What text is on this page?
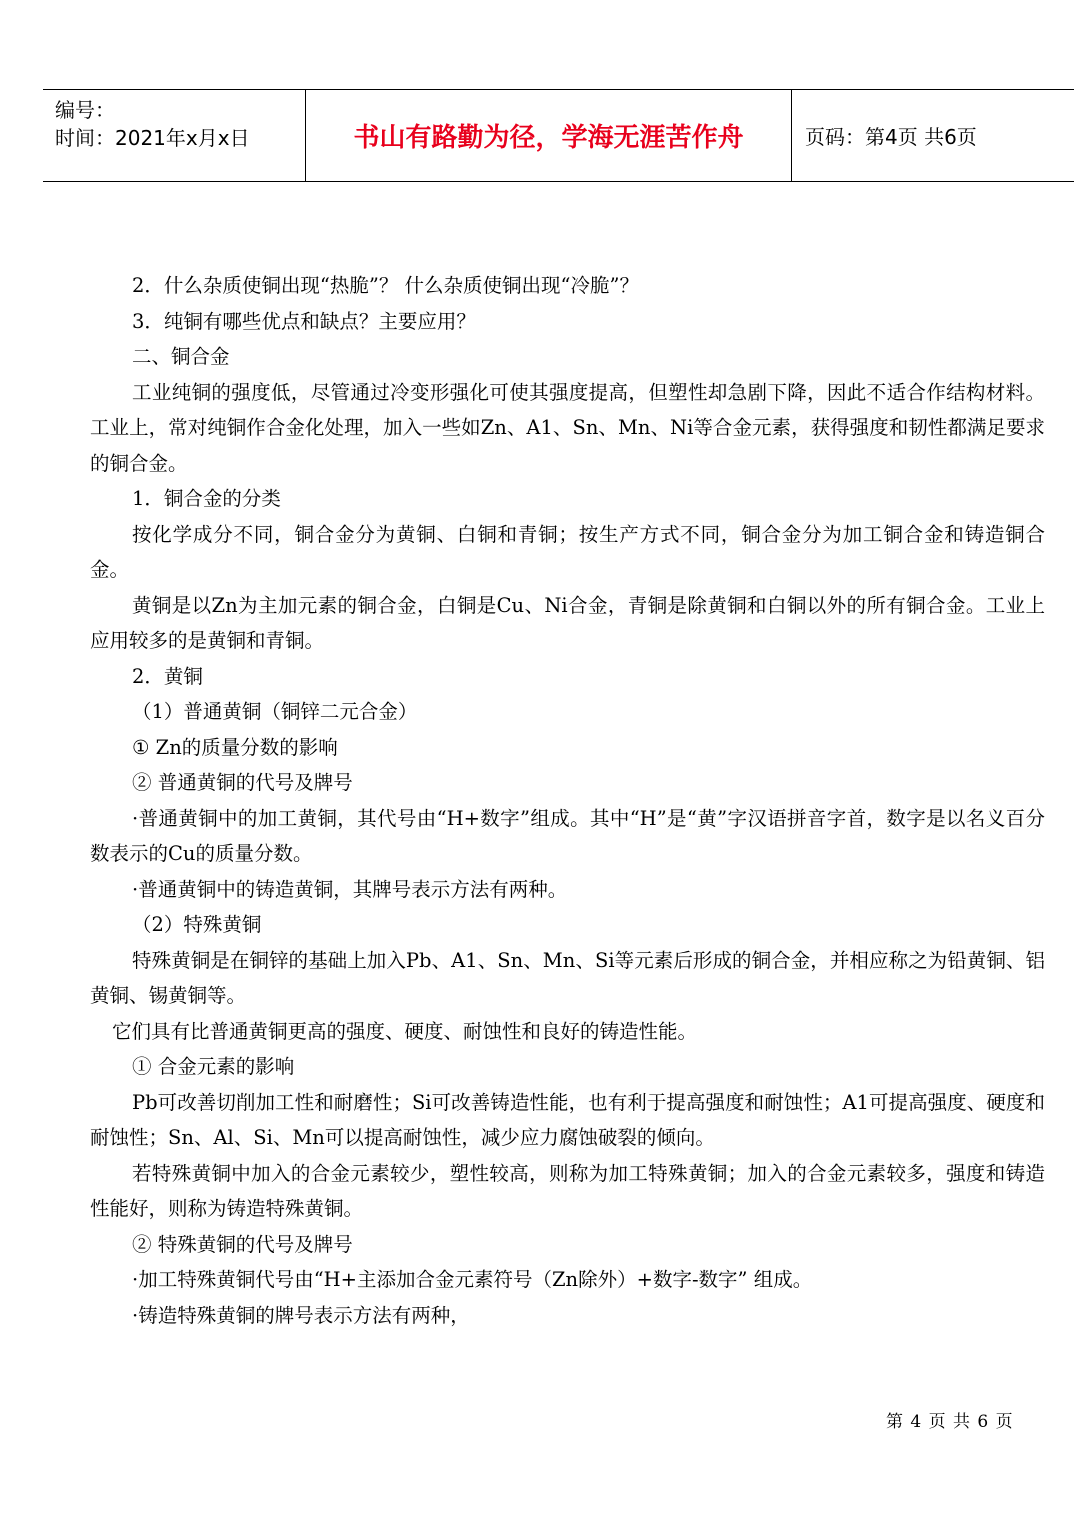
编号：
时间：2021年x月x日	书山有路勤为径，学海无涯苦作舟	页码：第4页 共6页

2．什么杂质使铜出现“热脆”？ 什么杂质使铜出现“冷脆”？

3．纯铜有哪些优点和缺点？主要应用？

二、铜合金

工业纯铜的强度低，尽管通过冷变形强化可使其强度提高，但塑性却急剧下降，因此不适合作结构材料。工业上，常对纯铜作合金化处理，加入一些如Zn、A1、Sn、Mn、Ni等合金元素，获得强度和韧性都满足要求的铜合金。

1．铜合金的分类

按化学成分不同，铜合金分为黄铜、白铜和青铜；按生产方式不同，铜合金分为加工铜合金和铸造铜合金。

黄铜是以Zn为主加元素的铜合金，白铜是Cu、Ni合金，青铜是除黄铜和白铜以外的所有铜合金。工业上应用较多的是黄铜和青铜。

2．黄铜

（1）普通黄铜（铜锌二元合金）

① Zn的质量分数的影响

② 普通黄铜的代号及牌号

·普通黄铜中的加工黄铜，其代号由“H+数字”组成。其中“H”是“黄”字汉语拼音字首，数字是以名义百分数表示的Cu的质量分数。

·普通黄铜中的铸造黄铜，其牌号表示方法有两种。

（2）特殊黄铜

特殊黄铜是在铜锌的基础上加入Pb、A1、Sn、Mn、Si等元素后形成的铜合金，并相应称之为铅黄铜、铝黄铜、锡黄铜等。

它们具有比普通黄铜更高的强度、硬度、耐蚀性和良好的铸造性能。

① 合金元素的影响

Pb可改善切削加工性和耐磨性；Si可改善铸造性能，也有利于提高强度和耐蚀性；A1可提高强度、硬度和耐蚀性；Sn、Al、Si、Mn可以提高耐蚀性，减少应力腐蚀破裂的倾向。

若特殊黄铜中加入的合金元素较少，塑性较高，则称为加工特殊黄铜；加入的合金元素较多，强度和铸造性能好，则称为铸造特殊黄铜。

② 特殊黄铜的代号及牌号

·加工特殊黄铜代号由“H+主添加合金元素符号（Zn除外）+数字-数字” 组成。

·铸造特殊黄铜的牌号表示方法有两种，

第 4 页 共 6 页
